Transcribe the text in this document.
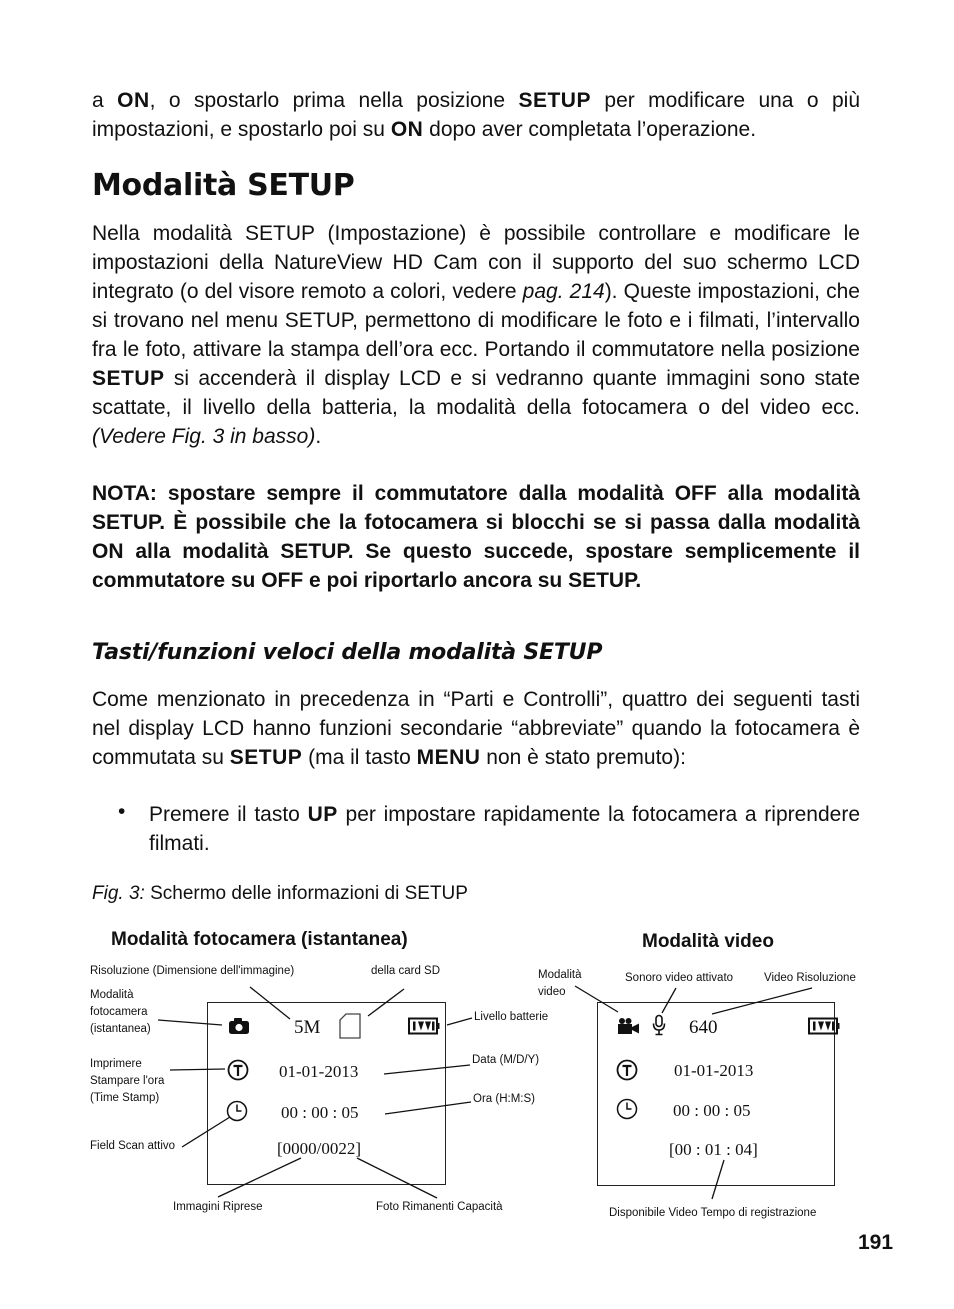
a ON, o spostarlo prima nella posizione SETUP per modificare una o più impostazioni, e spostarlo poi su ON dopo aver completata l’operazione.

Modalità SETUP

Nella modalità SETUP (Impostazione) è possibile controllare e modificare le impostazioni della NatureView HD Cam con il supporto del suo schermo LCD integrato (o del visore remoto a colori, vedere pag. 214). Queste impostazioni, che si trovano nel menu SETUP, permettono di modificare le foto e i filmati, l’intervallo fra le foto, attivare la stampa dell’ora ecc. Portando il commutatore nella posizione SETUP si accenderà il display LCD e si vedranno quante immagini sono state scattate, il livello della batteria, la modalità della fotocamera o del video ecc. (Vedere Fig. 3 in basso).

NOTA: spostare sempre il commutatore dalla modalità OFF alla modalità SETUP. È possibile che la fotocamera si blocchi se si passa dalla modalità ON alla modalità SETUP. Se questo succede, spostare semplicemente il commutatore su OFF e poi riportarlo ancora su SETUP.

Tasti/funzioni veloci della modalità SETUP

Come menzionato in precedenza in “Parti e Controlli”, quattro dei seguenti tasti nel display LCD hanno funzioni secondarie “abbreviate” quando la fotocamera è commutata su SETUP (ma il tasto MENU non è stato premuto):

• Premere il tasto UP per impostare rapidamente la fotocamera a riprendere filmati.

Fig. 3: Schermo delle informazioni di SETUP
Modalità fotocamera (istantanea)
Risoluzione (Dimensione dell'immagine)	della card SD
Modalità
fotocamera
(istantanea)
Livello batterie
Imprimere
Stampare l'ora
(Time Stamp)
Data (M/D/Y)
Ora (H:M:S)
Field Scan attivo
Immagini Riprese	Foto Rimanenti Capacità
5M
01-01-2013
00 : 00 : 05
[0000/0022]
Modalità video
Modalità
video
Sonoro video attivato	Video Risoluzione
Disponibile Video Tempo di registrazione
640
01-01-2013
00 : 00 : 05
[00 : 01 : 04]
191
